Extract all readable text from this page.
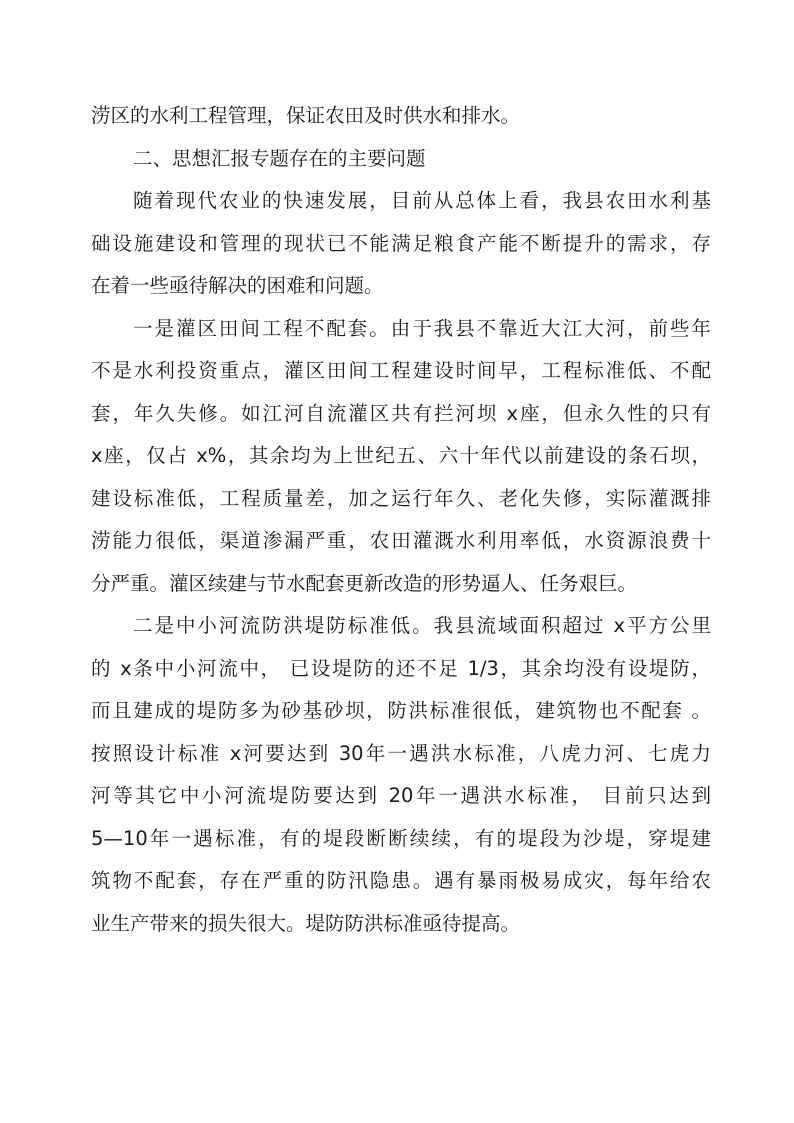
涝区的水利工程管理，保证农田及时供水和排水。
二、思想汇报专题存在的主要问题
随着现代农业的快速发展，目前从总体上看，我县农田水利基
础设施建设和管理的现状已不能满足粮食产能不断提升的需求，存
在着一些亟待解决的困难和问题。
一是灌区田间工程不配套。由于我县不靠近大江大河，前些年
不是水利投资重点，灌区田间工程建设时间早，工程标准低、不配
套，年久失修。如江河自流灌区共有拦河坝 x座，但永久性的只有
x座，仅占 x%，其余均为上世纪五、六十年代以前建设的条石坝，
建设标准低，工程质量差，加之运行年久、老化失修，实际灌溉排
涝能力很低，渠道渗漏严重，农田灌溉水利用率低，水资源浪费十
分严重。灌区续建与节水配套更新改造的形势逼人、任务艰巨。
二是中小河流防洪堤防标准低。我县流域面积超过 x平方公里
的 x条中小河流中， 已设堤防的还不足 1/3，其余均没有设堤防，
而且建成的堤防多为砂基砂坝，防洪标准很低，建筑物也不配套 。
按照设计标准 x河要达到 30年一遇洪水标准，八虎力河、七虎力
河等其它中小河流堤防要达到 20年一遇洪水标准， 目前只达到
5—10年一遇标准，有的堤段断断续续，有的堤段为沙堤，穿堤建
筑物不配套，存在严重的防汛隐患。遇有暴雨极易成灾，每年给农
业生产带来的损失很大。堤防防洪标准亟待提高。
